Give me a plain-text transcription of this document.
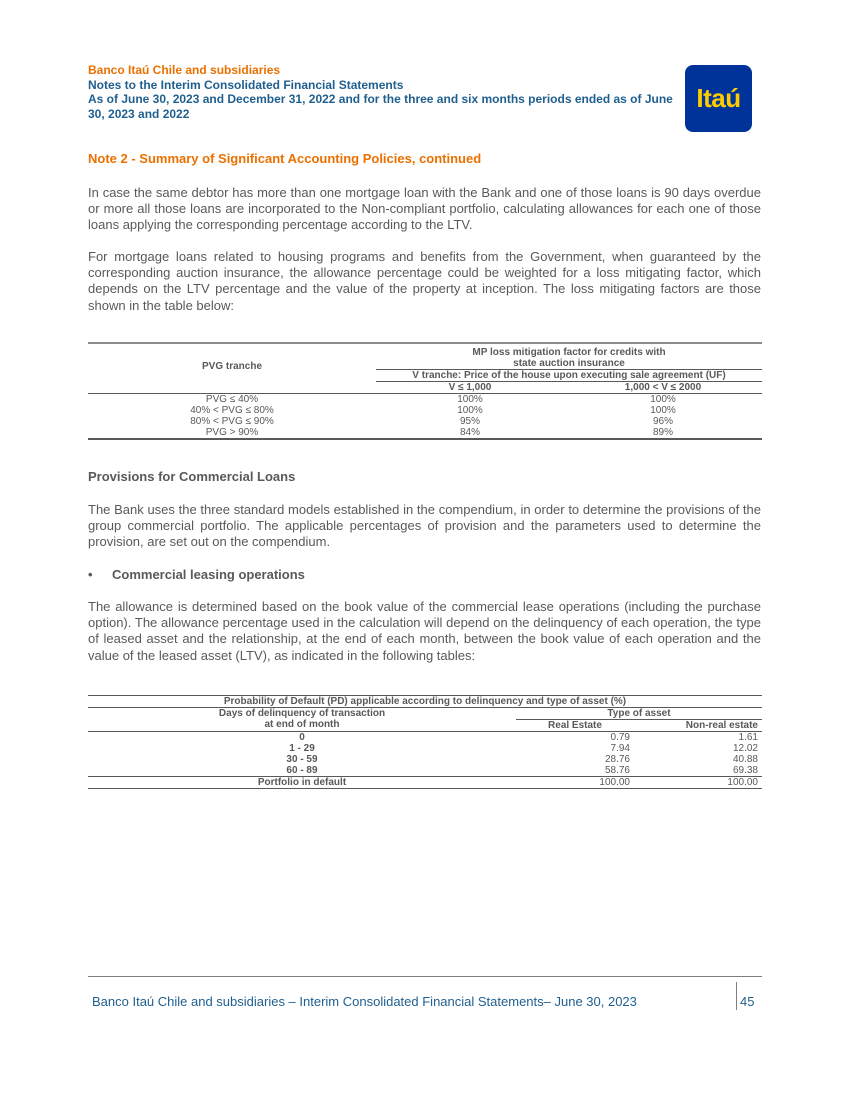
Banco Itaú Chile and subsidiaries
Notes to the Interim Consolidated Financial Statements
As of June 30, 2023 and December 31, 2022 and for the three and six months periods ended as of June 30, 2023 and 2022
Itaú
Note 2 - Summary of Significant Accounting Policies, continued

In case the same debtor has more than one mortgage loan with the Bank and one of those loans is 90 days overdue or more all those loans are incorporated to the Non-compliant portfolio, calculating allowances for each one of those loans applying the corresponding percentage according to the LTV.

For mortgage loans related to housing programs and benefits from the Government, when guaranteed by the corresponding auction insurance, the allowance percentage could be weighted for a loss mitigating factor, which depends on the LTV percentage and the value of the property at inception. The loss mitigating factors are those shown in the table below:

PVG tranche	MP loss mitigation factor for credits with
state auction insurance	

	V tranche: Price of the house upon executing sale agreement (UF)	
	V ≤ 1,000	1,000 < V ≤ 2000
PVG ≤ 40%	100%	100%
40% < PVG ≤ 80%	100%	100%
80% < PVG ≤ 90%	95%	96%
PVG > 90%	84%	89%
Provisions for Commercial Loans

The Bank uses the three standard models established in the compendium, in order to determine the provisions of the group commercial portfolio. The applicable percentages of provision and the parameters used to determine the provision, are set out on the compendium.

• Commercial leasing operations

The allowance is determined based on the book value of the commercial lease operations (including the purchase option). The allowance percentage used in the calculation will depend on the delinquency of each operation, the type of leased asset and the relationship, at the end of each month, between the book value of each operation and the value of the leased asset (LTV), as indicated in the following tables:

Probability of Default (PD) applicable according to delinquency and type of asset (%)		

Days of delinquency of transaction
at end of month	Type of asset	
	Real Estate	Non-real estate
0	0.79	1.61
1 - 29	7.94	12.02
30 - 59	28.76	40.88
60 - 89	58.76	69.38
Portfolio in default	100.00	100.00
Banco Itaú Chile and subsidiaries – Interim Consolidated Financial Statements– June 30, 2023	45
